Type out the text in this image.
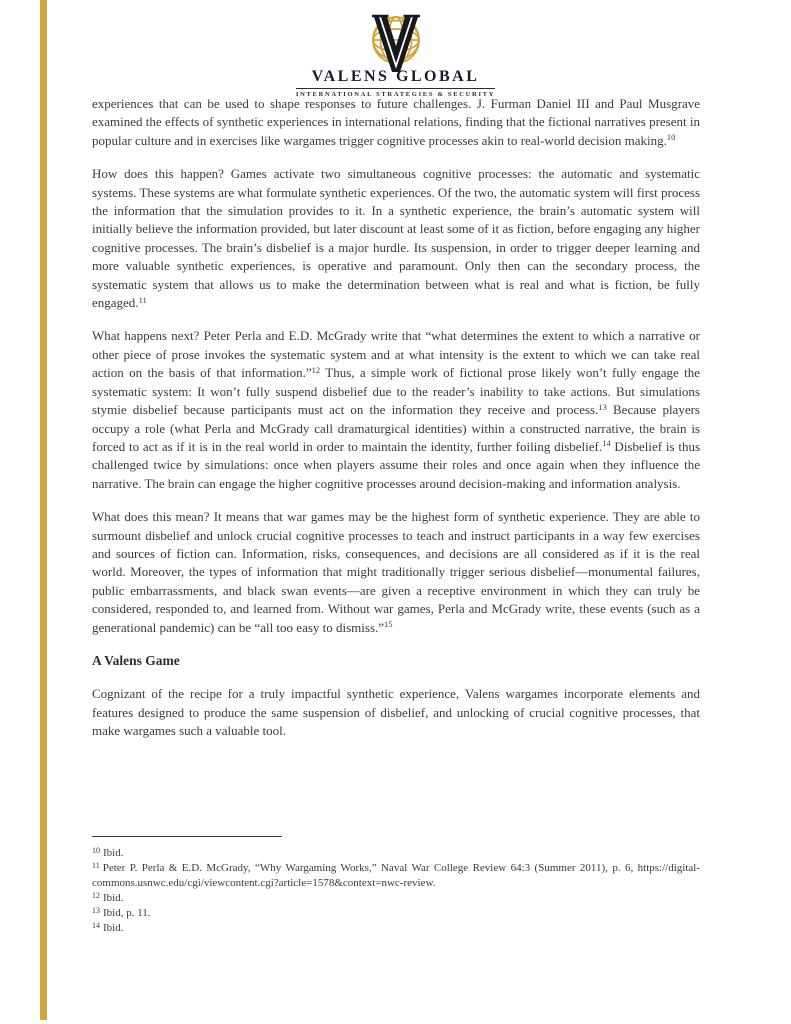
VALENS GLOBAL
INTERNATIONAL STRATEGIES & SECURITY

experiences that can be used to shape responses to future challenges. J. Furman Daniel III and Paul Musgrave examined the effects of synthetic experiences in international relations, finding that the fictional narratives present in popular culture and in exercises like wargames trigger cognitive processes akin to real-world decision making.$^{10}$

How does this happen? Games activate two simultaneous cognitive processes: the automatic and systematic systems. These systems are what formulate synthetic experiences. Of the two, the automatic system will first process the information that the simulation provides to it. In a synthetic experience, the brain’s automatic system will initially believe the information provided, but later discount at least some of it as fiction, before engaging any higher cognitive processes. The brain’s disbelief is a major hurdle. Its suspension, in order to trigger deeper learning and more valuable synthetic experiences, is operative and paramount. Only then can the secondary process, the systematic system that allows us to make the determination between what is real and what is fiction, be fully engaged.$^{11}$

What happens next? Peter Perla and E.D. McGrady write that “what determines the extent to which a narrative or other piece of prose invokes the systematic system and at what intensity is the extent to which we can take real action on the basis of that information.”$^{12}$ Thus, a simple work of fictional prose likely won’t fully engage the systematic system: It won’t fully suspend disbelief due to the reader’s inability to take actions. But simulations stymie disbelief because participants must act on the information they receive and process.$^{13}$ Because players occupy a role (what Perla and McGrady call dramaturgical identities) within a constructed narrative, the brain is forced to act as if it is in the real world in order to maintain the identity, further foiling disbelief.$^{14}$ Disbelief is thus challenged twice by simulations: once when players assume their roles and once again when they influence the narrative. The brain can engage the higher cognitive processes around decision-making and information analysis.

What does this mean? It means that war games may be the highest form of synthetic experience. They are able to surmount disbelief and unlock crucial cognitive processes to teach and instruct participants in a way few exercises and sources of fiction can. Information, risks, consequences, and decisions are all considered as if it is the real world. Moreover, the types of information that might traditionally trigger serious disbelief—monumental failures, public embarrassments, and black swan events—are given a receptive environment in which they can truly be considered, responded to, and learned from. Without war games, Perla and McGrady write, these events (such as a generational pandemic) can be “all too easy to dismiss.”$^{15}$

A Valens Game

Cognizant of the recipe for a truly impactful synthetic experience, Valens wargames incorporate elements and features designed to produce the same suspension of disbelief, and unlocking of crucial cognitive processes, that make wargames such a valuable tool.

$^{10}$ Ibid.
$^{11}$ Peter P. Perla & E.D. McGrady, “Why Wargaming Works,” Naval War College Review 64:3 (Summer 2011), p. 6, https://digital-commons.usnwc.edu/cgi/viewcontent.cgi?article=1578&context=nwc-review.
$^{12}$ Ibid.
$^{13}$ Ibid, p. 11.
$^{14}$ Ibid.
